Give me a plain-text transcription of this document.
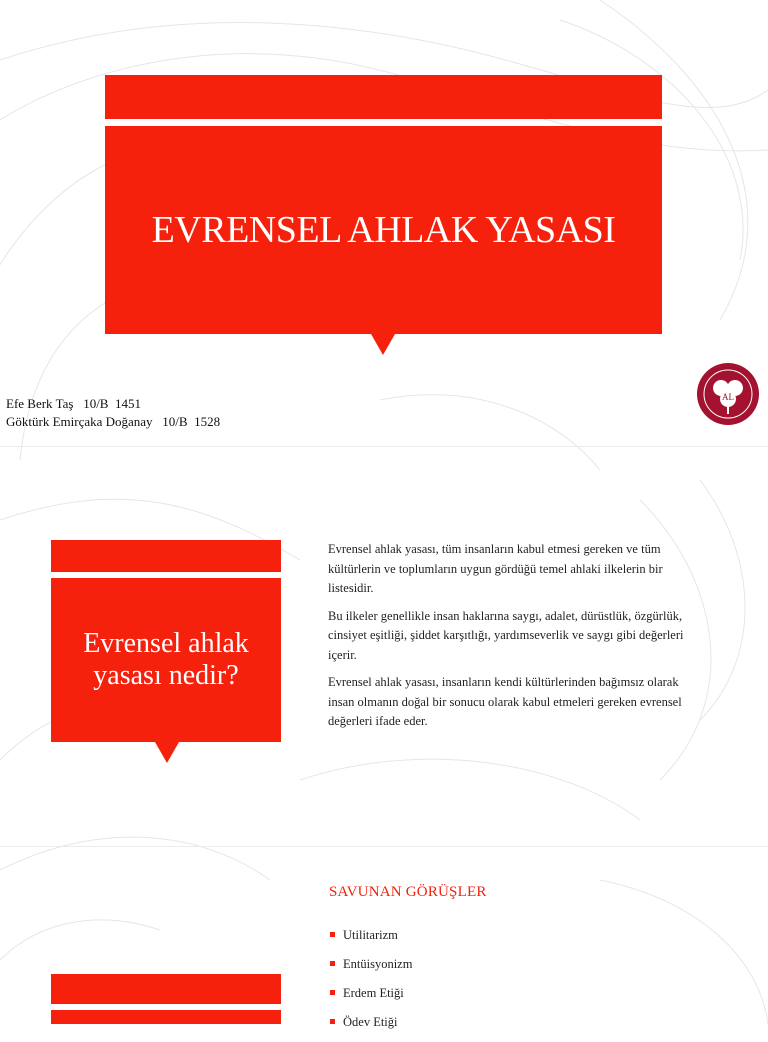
EVRENSEL AHLAK YASASI
Efe Berk Taş   10/B  1451
Göktürk Emirçaka Doğanay   10/B  1528
AL
Evrensel ahlak yasası nedir?

Evrensel ahlak yasası, tüm insanların kabul etmesi gereken ve tüm kültürlerin ve toplumların uygun gördüğü temel ahlaki ilkelerin bir listesidir.

Bu ilkeler genellikle insan haklarına saygı, adalet, dürüstlük, özgürlük, cinsiyet eşitliği, şiddet karşıtlığı, yardımseverlik ve saygı gibi değerleri içerir.

Evrensel ahlak yasası, insanların kendi kültürlerinden bağımsız olarak insan olmanın doğal bir sonucu olarak kabul etmeleri gereken evrensel değerleri ifade eder.

SAVUNAN GÖRÜŞLER
Utilitarizm
Entüisyonizm
Erdem Etiği
Ödev Etiği
